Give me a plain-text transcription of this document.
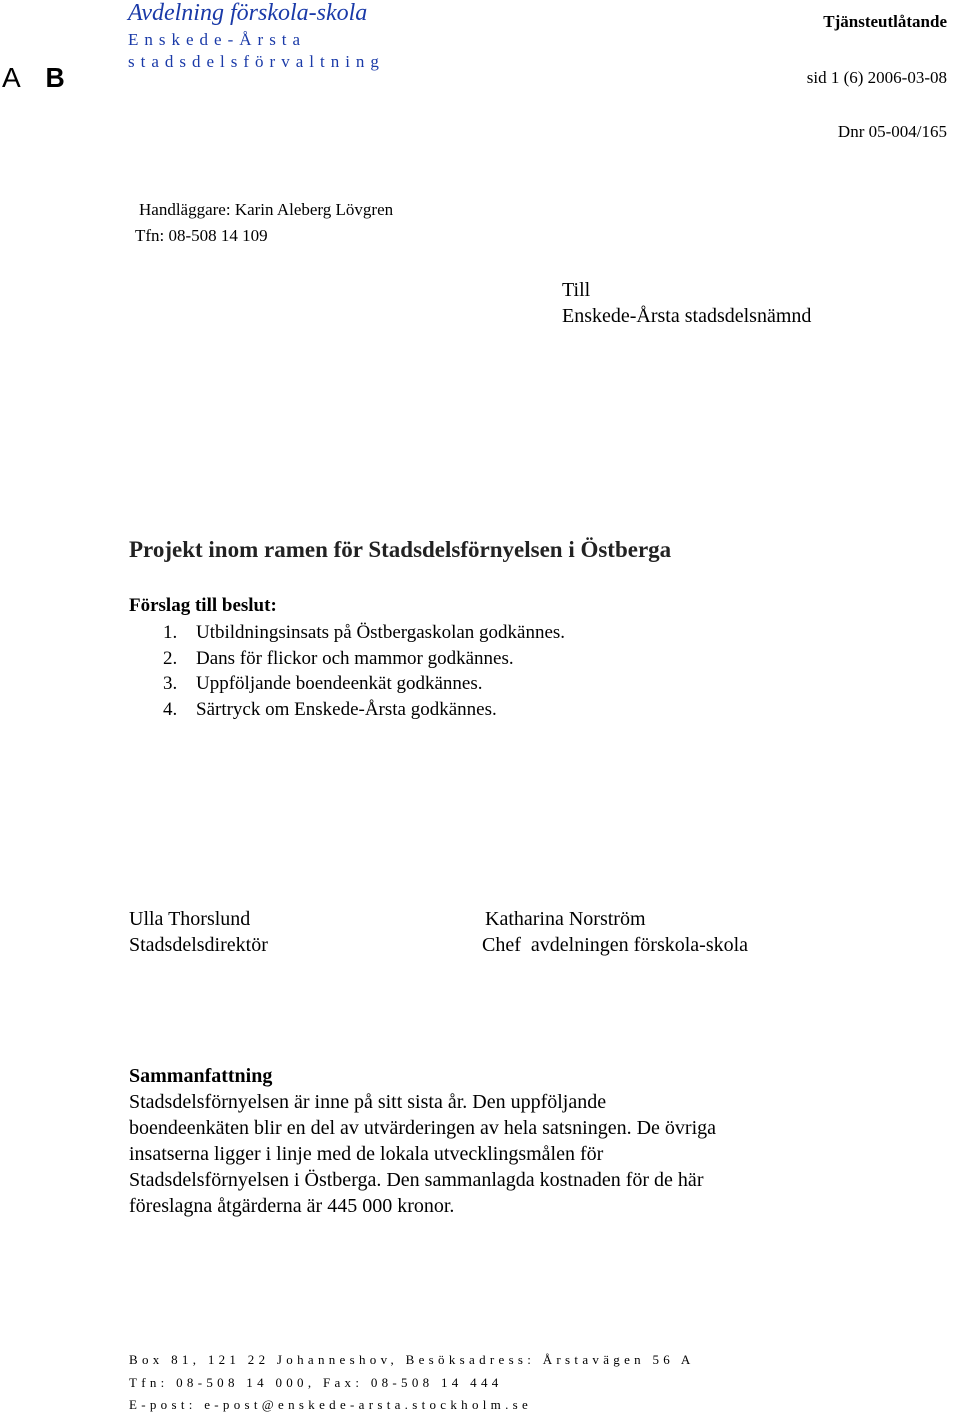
Avdelning förskola-skola
Enskede-Årsta
stadsdelsförvaltning
A B
Tjänsteutlåtande
sid 1 (6) 2006-03-08
Dnr 05-004/165
Handläggare: Karin Aleberg Lövgren
Tfn: 08-508 14 109
Till
Enskede-Årsta stadsdelsnämnd
Projekt inom ramen för Stadsdelsförnyelsen i Östberga
Förslag till beslut:
1. Utbildningsinsats på Östbergaskolan godkännes.
2. Dans för flickor och mammor godkännes.
3. Uppföljande boendeenkät godkännes.
4. Särtryck om Enskede-Årsta godkännes.
Ulla Thorslund
Stadsdelsdirektör
Katharina Norström
Chef  avdelningen förskola-skola
Sammanfattning
Stadsdelsförnyelsen är inne på sitt sista år. Den uppföljande
boendeenkäten blir en del av utvärderingen av hela satsningen. De övriga
insatserna ligger i linje med de lokala utvecklingsmålen för
Stadsdelsförnyelsen i Östberga. Den sammanlagda kostnaden för de här
föreslagna åtgärderna är 445 000 kronor.
Box 81, 121 22 Johanneshov, Besöksadress: Årstavägen 56 A
Tfn: 08-508 14 000, Fax: 08-508 14 444
E-post: e-post@enskede-arsta.stockholm.se
